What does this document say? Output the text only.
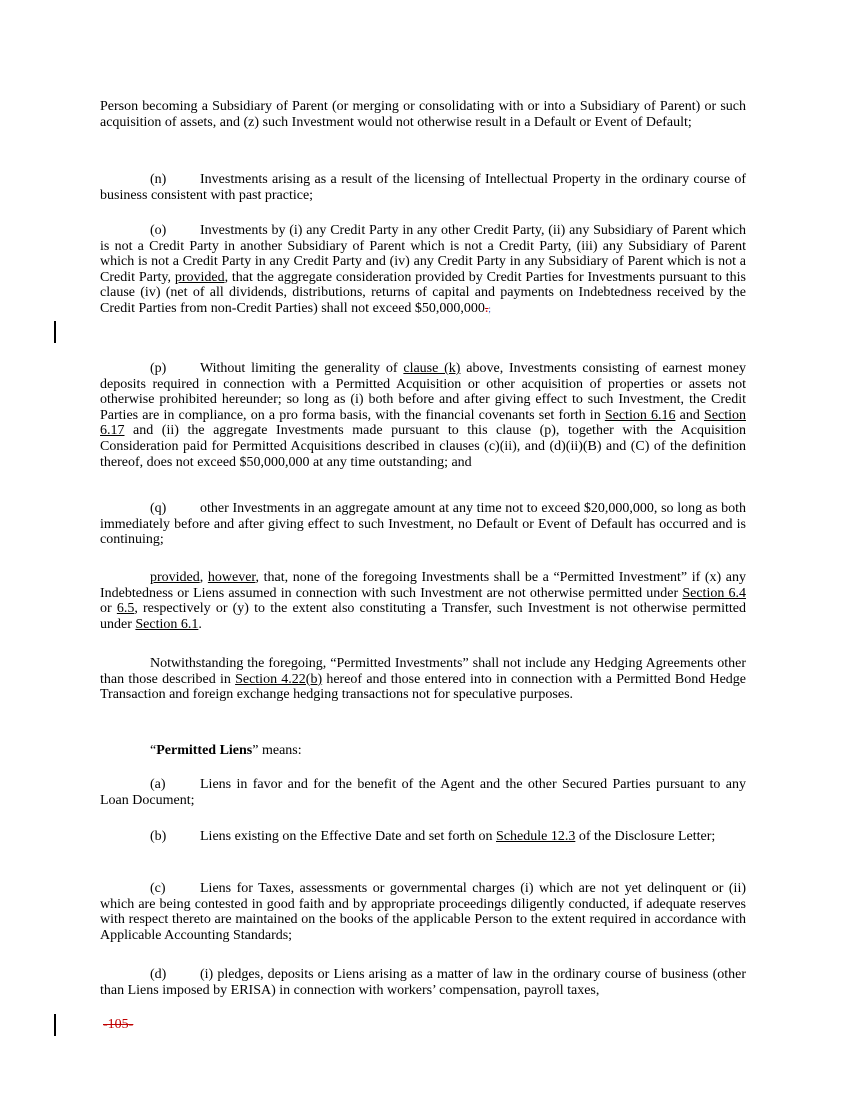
Person becoming a Subsidiary of Parent (or merging or consolidating with or into a Subsidiary of Parent) or such acquisition of assets, and (z) such Investment would not otherwise result in a Default or Event of Default;

(n) Investments arising as a result of the licensing of Intellectual Property in the ordinary course of business consistent with past practice;

(o) Investments by (i) any Credit Party in any other Credit Party, (ii) any Subsidiary of Parent which is not a Credit Party in another Subsidiary of Parent which is not a Credit Party, (iii) any Subsidiary of Parent which is not a Credit Party in any Credit Party and (iv) any Credit Party in any Subsidiary of Parent which is not a Credit Party, provided, that the aggregate consideration provided by Credit Parties for Investments pursuant to this clause (iv) (net of all dividends, distributions, returns of capital and payments on Indebtedness received by the Credit Parties from non-Credit Parties) shall not exceed $50,000,000.;

(p) Without limiting the generality of clause (k) above, Investments consisting of earnest money deposits required in connection with a Permitted Acquisition or other acquisition of properties or assets not otherwise prohibited hereunder; so long as (i) both before and after giving effect to such Investment, the Credit Parties are in compliance, on a pro forma basis, with the financial covenants set forth in Section 6.16 and Section 6.17 and (ii) the aggregate Investments made pursuant to this clause (p), together with the Acquisition Consideration paid for Permitted Acquisitions described in clauses (c)(ii), and (d)(ii)(B) and (C) of the definition thereof, does not exceed $50,000,000 at any time outstanding; and

(q) other Investments in an aggregate amount at any time not to exceed $20,000,000, so long as both immediately before and after giving effect to such Investment, no Default or Event of Default has occurred and is continuing;

provided, however, that, none of the foregoing Investments shall be a “Permitted Investment” if (x) any Indebtedness or Liens assumed in connection with such Investment are not otherwise permitted under Section 6.4 or 6.5, respectively or (y) to the extent also constituting a Transfer, such Investment is not otherwise permitted under Section 6.1.

Notwithstanding the foregoing, “Permitted Investments” shall not include any Hedging Agreements other than those described in Section 4.22(b) hereof and those entered into in connection with a Permitted Bond Hedge Transaction and foreign exchange hedging transactions not for speculative purposes.

“Permitted Liens” means:

(a) Liens in favor and for the benefit of the Agent and the other Secured Parties pursuant to any Loan Document;

(b) Liens existing on the Effective Date and set forth on Schedule 12.3 of the Disclosure Letter;

(c) Liens for Taxes, assessments or governmental charges (i) which are not yet delinquent or (ii) which are being contested in good faith and by appropriate proceedings diligently conducted, if adequate reserves with respect thereto are maintained on the books of the applicable Person to the extent required in accordance with Applicable Accounting Standards;

(d) (i) pledges, deposits or Liens arising as a matter of law in the ordinary course of business (other than Liens imposed by ERISA) in connection with workers’ compensation, payroll taxes,

-105-
